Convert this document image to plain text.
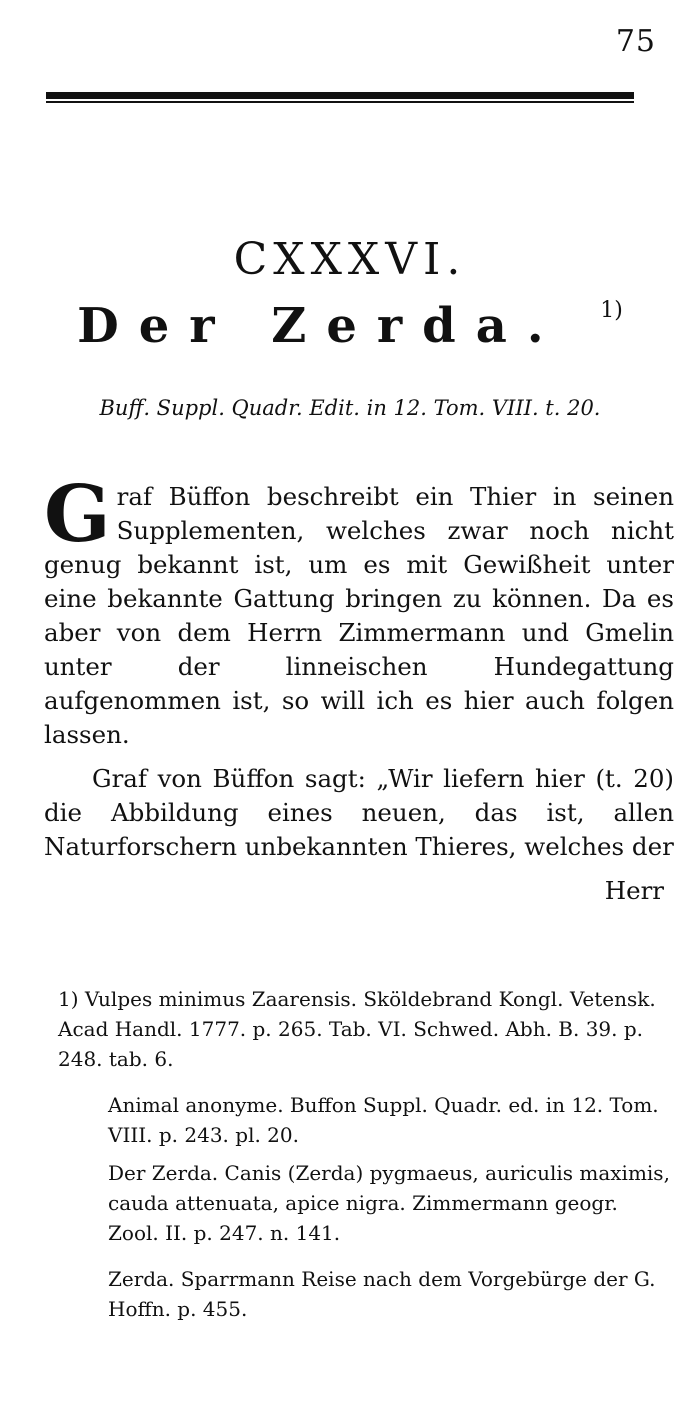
75
CXXXVI.
Der Zerda. $^{1)}$
Buff. Suppl. Quadr. Edit. in 12. Tom. VIII. t. 20.
Graf Büffon beschreibt ein Thier in seinen Supplementen, welches zwar noch nicht genug bekannt ist, um es mit Gewißheit unter eine bekannte Gattung bringen zu können. Da es aber von dem Herrn Zimmermann und Gmelin unter der linneischen Hundegattung aufgenommen ist, so will ich es hier auch folgen lassen.
Graf von Büffon sagt: „Wir liefern hier (t. 20) die Abbildung eines neuen, das ist, allen Naturforschern unbekannten Thieres, welches der
Herr
1) Vulpes minimus Zaarensis. Sköldebrand Kongl. Vetensk. Acad Handl. 1777. p. 265. Tab. VI. Schwed. Abh. B. 39. p. 248. tab. 6.
Animal anonyme. Buffon Suppl. Quadr. ed. in 12. Tom. VIII. p. 243. pl. 20.
Der Zerda. Canis (Zerda) pygmaeus, auriculis maximis, cauda attenuata, apice nigra. Zimmermann geogr. Zool. II. p. 247. n. 141.
Zerda. Sparrmann Reise nach dem Vorgebürge der G. Hoffn. p. 455.
